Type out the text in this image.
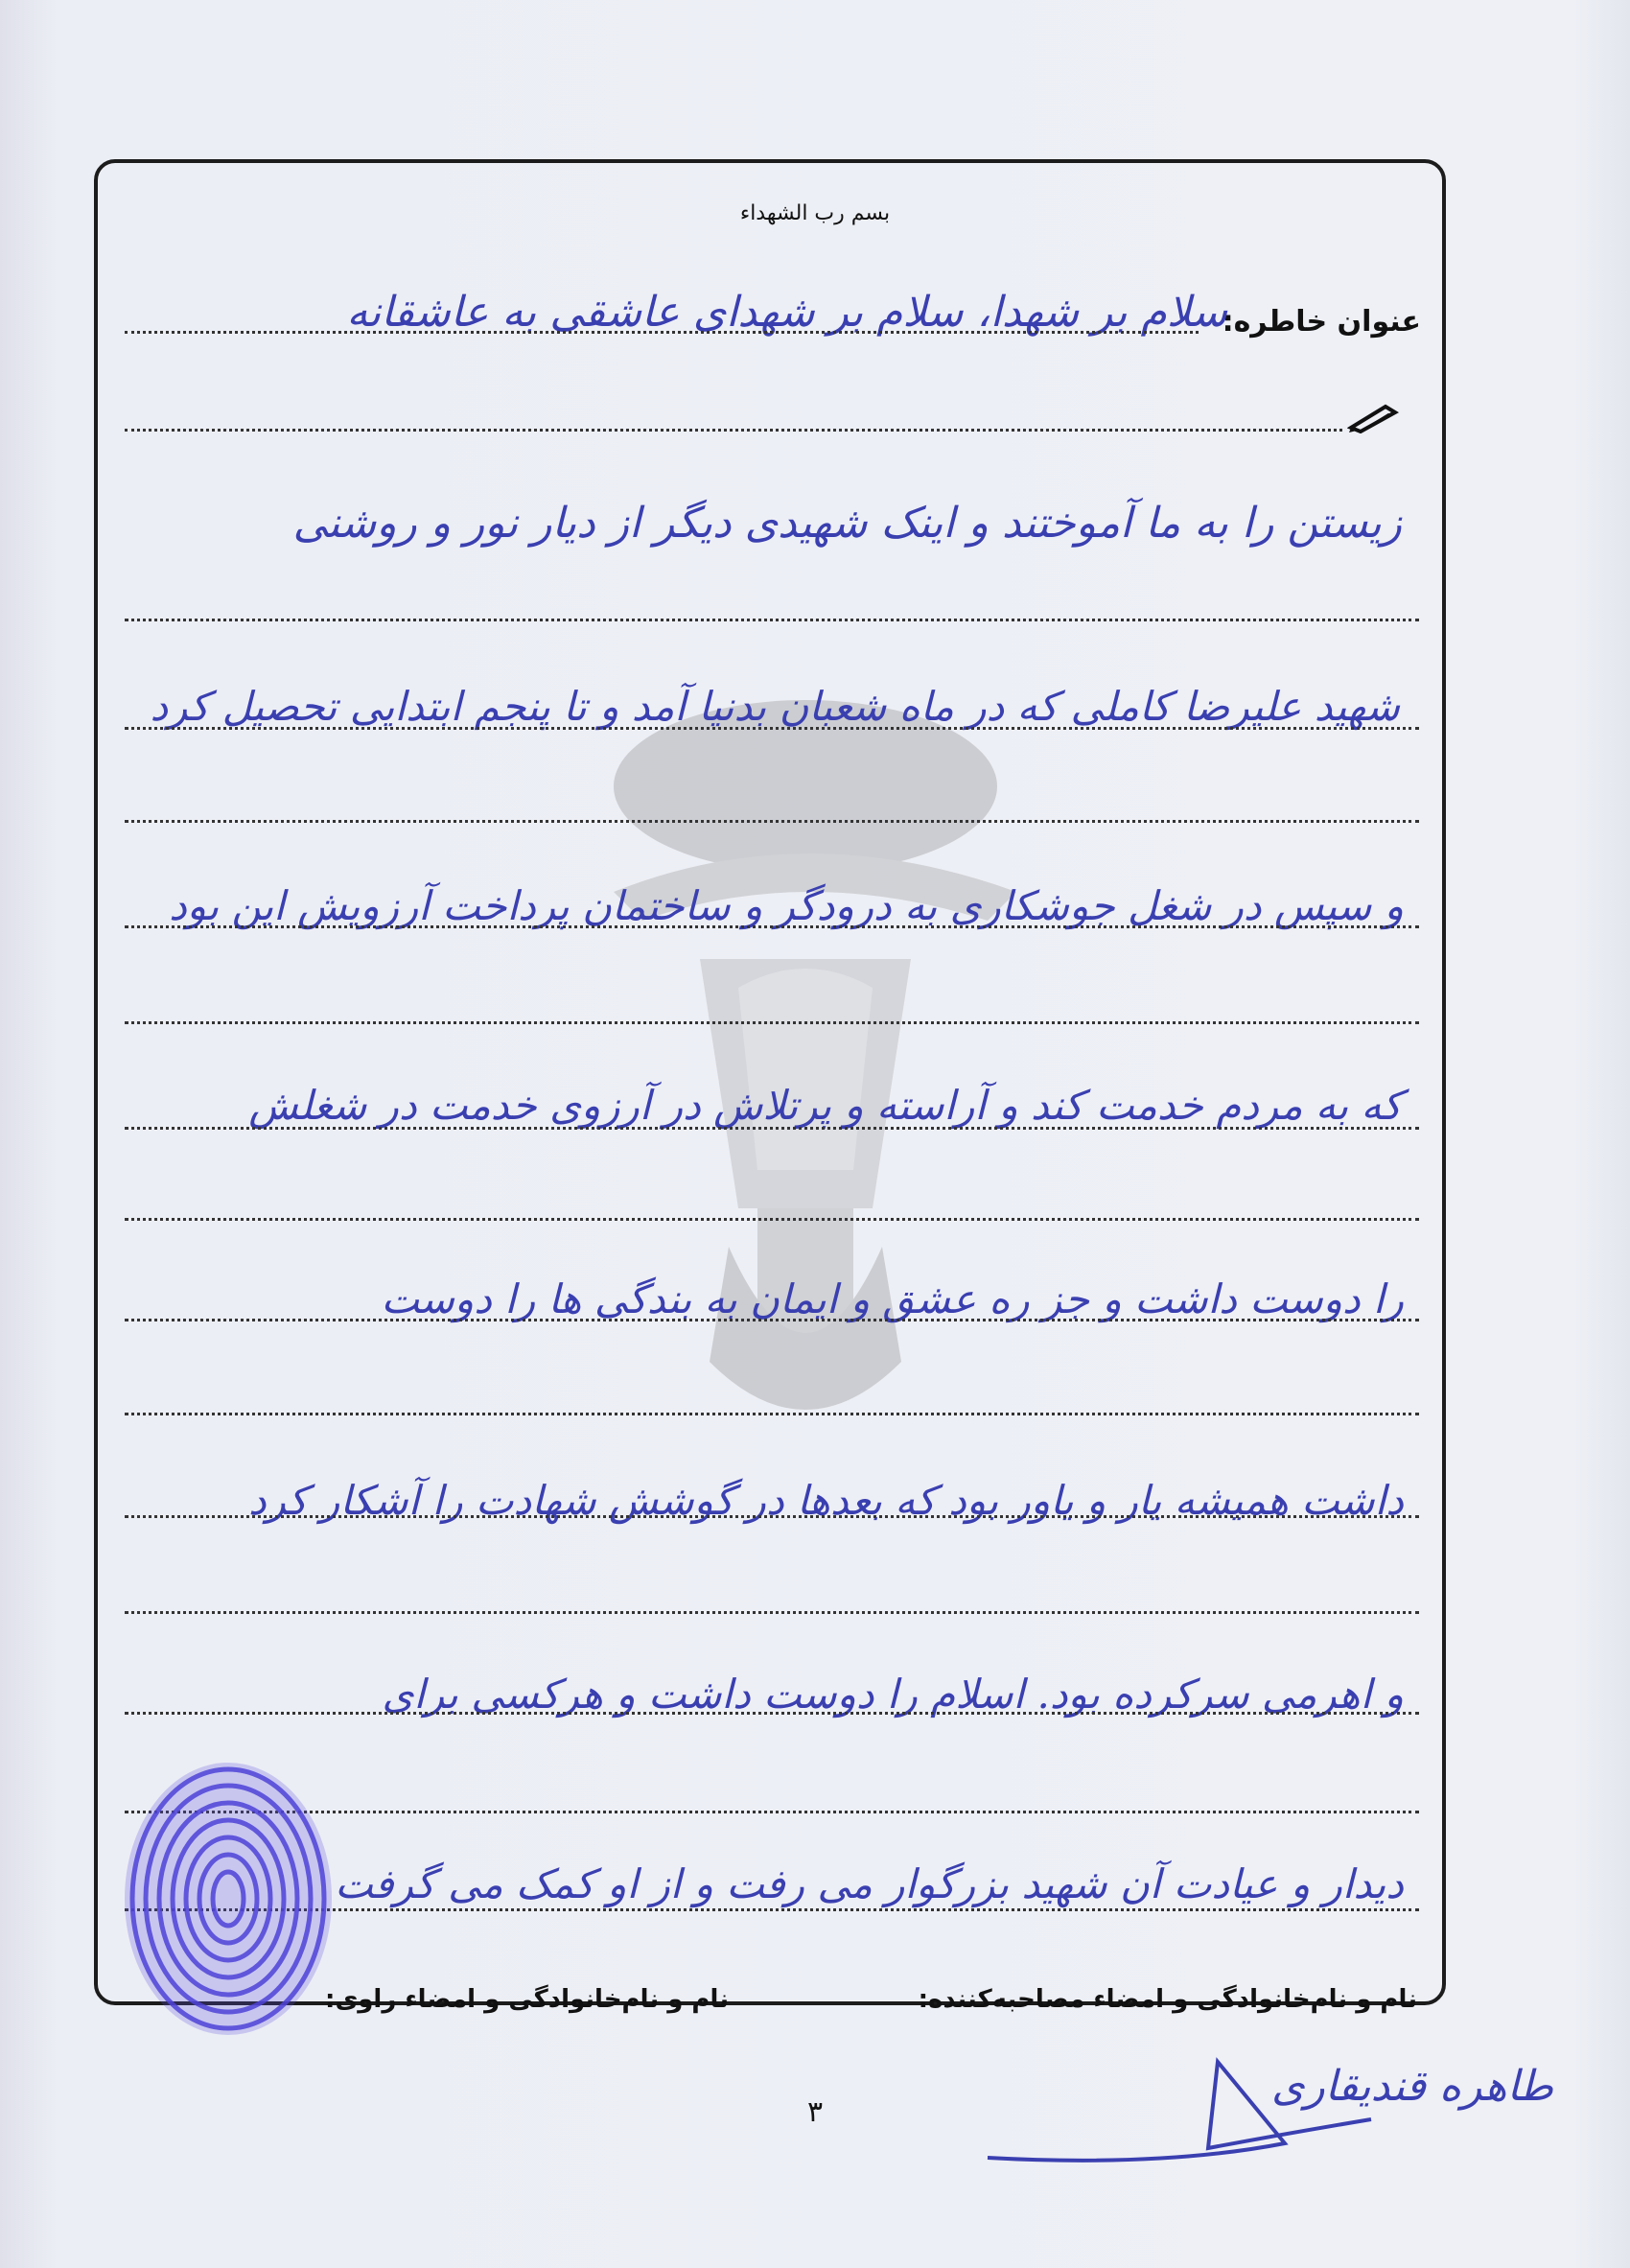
بسم رب الشهداء
عنوان خاطره:
سلام بر شهدا، سلام بر شهدای عاشقی به عاشقانه
زیستن را به ما آموختند و اینک شهیدی دیگر از دیار نور و روشنی
شهید علیرضا کاملی که در ماه شعبان بدنیا آمد و تا پنجم ابتدایی تحصیل کرد
و سپس در شغل جوشکاری به درودگر و ساختمان پرداخت آرزویش این بود
که به مردم خدمت کند و آراسته و پرتلاش در آرزوی خدمت در شغلش
را دوست داشت و جز ره عشق و ایمان به بندگی ها را دوست
داشت همیشه یار و یاور بود که بعدها در گوشش شهادت را آشکار کرد
و اهرمی سرکرده بود. اسلام را دوست داشت و هرکسی برای
دیدار و عیادت آن شهید بزرگوار می رفت و از او کمک می گرفت
نام و نام‌خانوادگی و امضاء مصاحبه‌کننده:
نام و نام‌خانوادگی و امضاء راوی:
طاهره قندیقاری
۳
